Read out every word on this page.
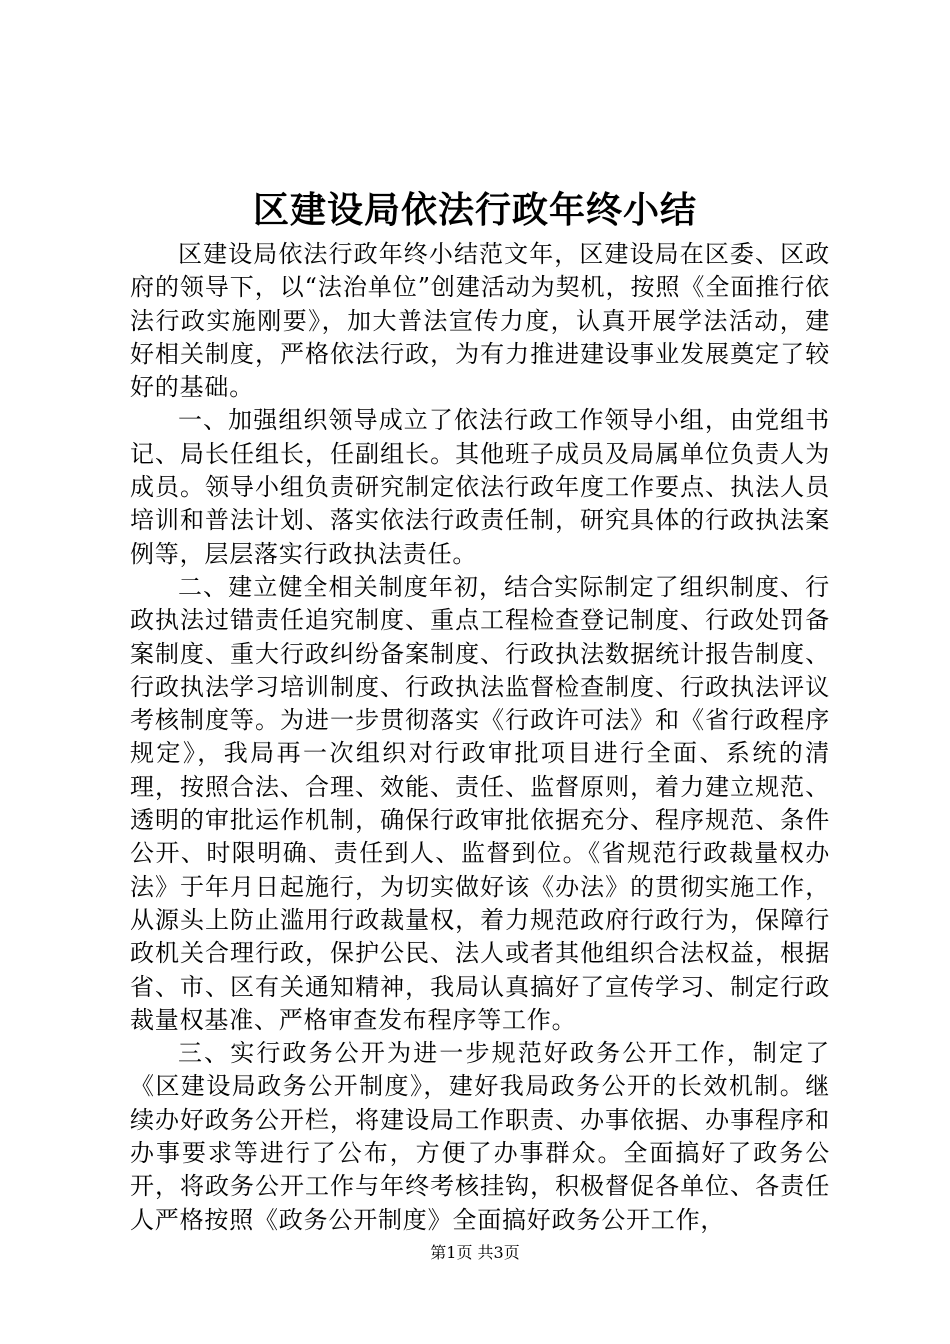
区建设局依法行政年终小结

区建设局依法行政年终小结范文年，区建设局在区委、区政府的领导下，以“法治单位”创建活动为契机，按照《全面推行依法行政实施刚要》，加大普法宣传力度，认真开展学法活动，建好相关制度，严格依法行政，为有力推进建设事业发展奠定了较好的基础。

一、加强组织领导成立了依法行政工作领导小组，由党组书记、局长任组长，任副组长。其他班子成员及局属单位负责人为成员。领导小组负责研究制定依法行政年度工作要点、执法人员培训和普法计划、落实依法行政责任制，研究具体的行政执法案例等，层层落实行政执法责任。

二、建立健全相关制度年初，结合实际制定了组织制度、行政执法过错责任追究制度、重点工程检查登记制度、行政处罚备案制度、重大行政纠纷备案制度、行政执法数据统计报告制度、行政执法学习培训制度、行政执法监督检查制度、行政执法评议考核制度等。为进一步贯彻落实《行政许可法》和《省行政程序规定》，我局再一次组织对行政审批项目进行全面、系统的清理，按照合法、合理、效能、责任、监督原则，着力建立规范、透明的审批运作机制，确保行政审批依据充分、程序规范、条件公开、时限明确、责任到人、监督到位。《省规范行政裁量权办法》于年月日起施行，为切实做好该《办法》的贯彻实施工作，从源头上防止滥用行政裁量权，着力规范政府行政行为，保障行政机关合理行政，保护公民、法人或者其他组织合法权益，根据省、市、区有关通知精神，我局认真搞好了宣传学习、制定行政裁量权基准、严格审查发布程序等工作。

三、实行政务公开为进一步规范好政务公开工作，制定了《区建设局政务公开制度》，建好我局政务公开的长效机制。继续办好政务公开栏，将建设局工作职责、办事依据、办事程序和办事要求等进行了公布，方便了办事群众。全面搞好了政务公开，将政务公开工作与年终考核挂钩，积极督促各单位、各责任人严格按照《政务公开制度》全面搞好政务公开工作，

第1页 共3页
